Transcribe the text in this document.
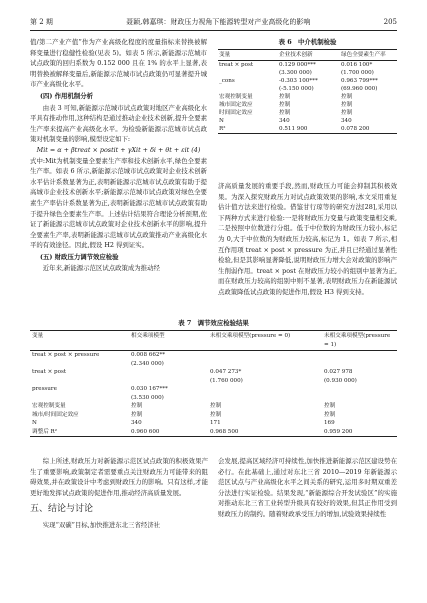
第 2 期	聂颖,韩嘉琪：财政压力视角下能源转型对产业高级化的影响	205

值/第二产业产值”作为产业高级化程度的度量指标来替换被解释变量进行稳健性检验(见表 5)。如表 5 所示,新能源示范城市试点政策的回归系数为 0.152 000 且在 1% 的水平上显著,表明替换被解释变量后,新能源示范城市试点政策仍可显著提升城市产业高级化水平。

(四) 作用机制分析

由表 3 可知,新能源示范城市试点政策对地区产业高级化水平具有推动作用,这种结构是通过推动企业技术创新,提升全要素生产率来提高产业高级化水平。为检验新能源示范城市试点政策对机制变量的影响,模型设定如下:

Mit = α + βtreat × postit + γXit + δi + θt + εit (4)

式中:Mit为机制变量全要素生产率和技术创新水平,绿色全要素生产率。如表 6 所示,新能源示范城市试点政策对企业技术创新水平估计系数显著为正,表明新能源示范城市试点政策有助于提高城市企业技术创新水平;新能源示范城市试点政策对绿色全要素生产率估计系数显著为正,表明新能源示范城市试点政策有助于提升绿色全要素生产率。上述估计结果符合理论分析预期,佐证了新能源示范城市试点政策对企业技术创新水平的影响,提升全要素生产率,表明新能源示范城市试点政策推动产业高级化水平的有效途径。因此,假设 H2 得到证实。

(五) 财政压力调节效应检验

近年来,新能源示范区试点政策成为推动经

表 6　中介机制检验
变量	企业技术创新	绿色全要素生产率
treat × post	0.129 000***	0.016 100*
	(3.300 000)	(1.700 000)
_cons	-0.303 100***	0.963 799***
	(-5.150 000)	(69.960 000)
宏观控制变量	控制	控制
城市固定效应	控制	控制
时间固定效应	控制	控制
N	340	340
R²	0.511 900	0.078 200

济高质量发展的重要手段,然而,财政压力可能会抑制其积极效果。为深入探究财政压力对试点政策效果的影响,本文采用重复估计值方法来进行检验。借鉴甘行琼等的研究方法[28],采用以下两种方式来进行检验:一是将财政压力变量与政策变量相交乘,二是按照中位数进行分组。低于中位数的为财政压力较小,标记为 0,大于中位数的为财政压力较高,标记为 1。如表 7 所示,相互作用项 treat × post × pressure 为正,并且已经通过显著性检验,但是其影响显著降低,说明财政压力增大会对政策的影响产生削弱作用。treat × post 在财政压力较小的组别中显著为正,而在财政压力较高的组别中则不显著,表明财政压力在新能源试点政策降低试点政策的促进作用,假设 H3 得到支持。

表 7　调节效应检验结果
变量	相交乘项模型	未相交乘项模型(pressure = 0)	未相交乘项模型(pressure = 1)
treat × post × pressure	0.008 662**		
	(2.340 000)		
treat × post		0.047 273*	0.027 978
		(1.760 000)	(0.930 000)
pressure	0.030 167***		
	(3.530 000)		
宏观控制变量	控制	控制	控制
城市/时间固定效应	控制	控制	控制
N	340	171	169
调整后 R²	0.960 600	0.968 500	0.959 200

综上所述,财政压力对新能源示范区试点政策的积极效果产生了重要影响,政策制定者需要重点关注财政压力可能带来的阻碍效果,并在政策设计中考虑到财政压力的影响。只有这样,才能更好地发挥试点政策的促进作用,推动经济高质量发展。

五、结论与讨论

实现“双碳”目标,加快推进东北三省经济社

会发展,提高区域经济可持续性,加快推进新能源示范区建设势在必行。在此基础上,通过对东北三省 2010—2019 年新能源示范区试点与产业高级化水平之间关系的研究,运用多时期双重差分法进行实证检验。结果发现,“新能源综合开发试验区”的实施对推动东北三省工业转型升级具有较好的效果,但其正作用受到财政压力的制约。随着财政承受压力的增加,试验效果持续性
